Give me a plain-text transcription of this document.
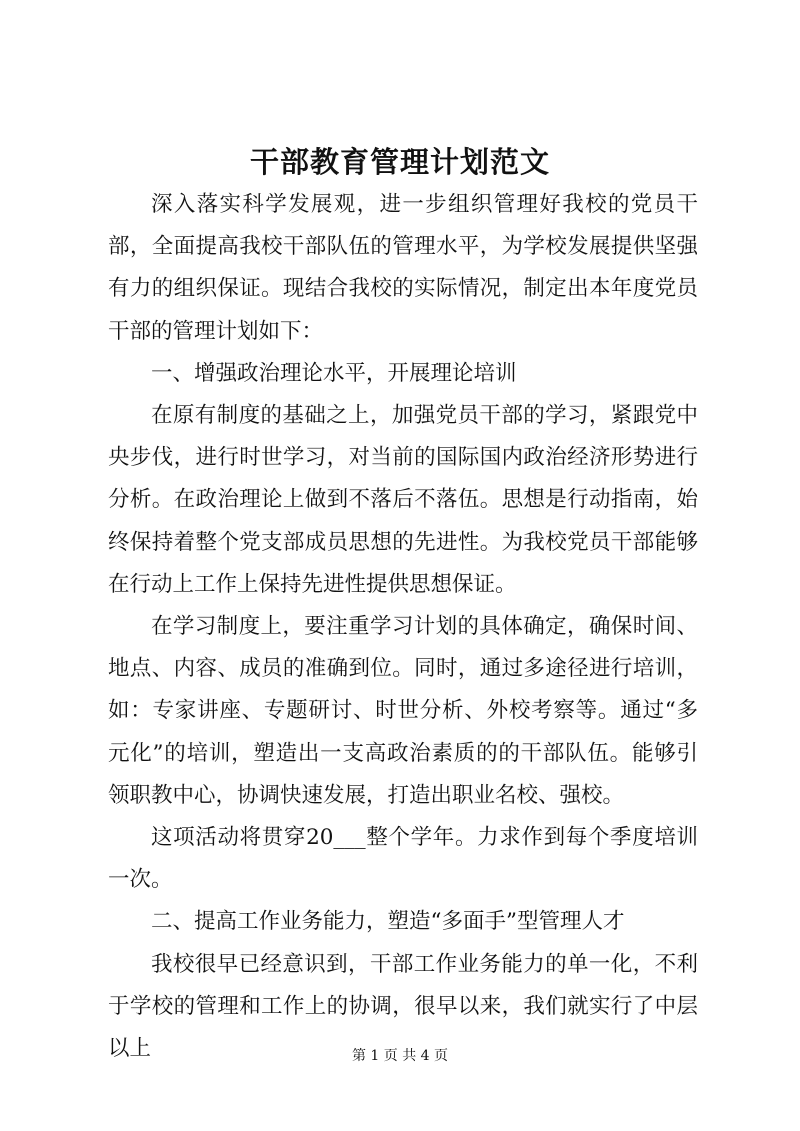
干部教育管理计划范文

深入落实科学发展观，进一步组织管理好我校的党员干部，全面提高我校干部队伍的管理水平，为学校发展提供坚强有力的组织保证。现结合我校的实际情况，制定出本年度党员干部的管理计划如下：

一、增强政治理论水平，开展理论培训

在原有制度的基础之上，加强党员干部的学习，紧跟党中央步伐，进行时世学习，对当前的国际国内政治经济形势进行分析。在政治理论上做到不落后不落伍。思想是行动指南，始终保持着整个党支部成员思想的先进性。为我校党员干部能够在行动上工作上保持先进性提供思想保证。

在学习制度上，要注重学习计划的具体确定，确保时间、地点、内容、成员的准确到位。同时，通过多途径进行培训，如：专家讲座、专题研讨、时世分析、外校考察等。通过“多元化”的培训，塑造出一支高政治素质的的干部队伍。能够引领职教中心，协调快速发展，打造出职业名校、强校。

这项活动将贯穿20___整个学年。力求作到每个季度培训一次。

二、提高工作业务能力，塑造“多面手”型管理人才

我校很早已经意识到，干部工作业务能力的单一化，不利于学校的管理和工作上的协调，很早以来，我们就实行了中层以上	第 1 页 共 4 页
